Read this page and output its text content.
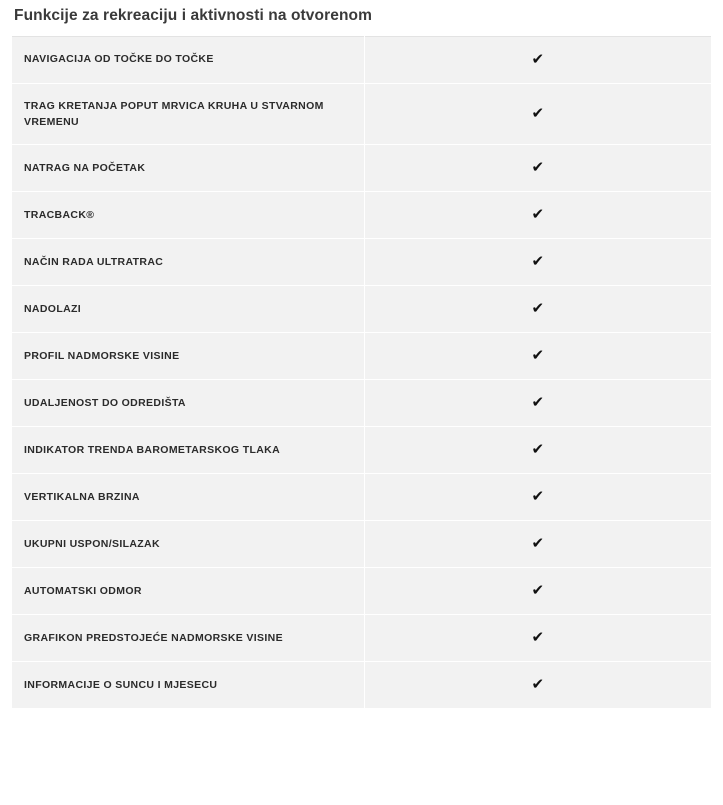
Funkcije za rekreaciju i aktivnosti na otvorenom
NAVIGACIJA OD TOČKE DO TOČKE	✔
TRAG KRETANJA POPUT MRVICA KRUHA U STVARNOM VREMENU	✔
NATRAG NA POČETAK	✔
TRACBACK®	✔
NAČIN RADA ULTRATRAC	✔
NADOLAZI	✔
PROFIL NADMORSKE VISINE	✔
UDALJENOST DO ODREDIŠTA	✔
INDIKATOR TRENDA BAROMETARSKOG TLAKA	✔
VERTIKALNA BRZINA	✔
UKUPNI USPON/SILAZAK	✔
AUTOMATSKI ODMOR	✔
GRAFIKON PREDSTOJEĆE NADMORSKE VISINE	✔
INFORMACIJE O SUNCU I MJESECU	✔
